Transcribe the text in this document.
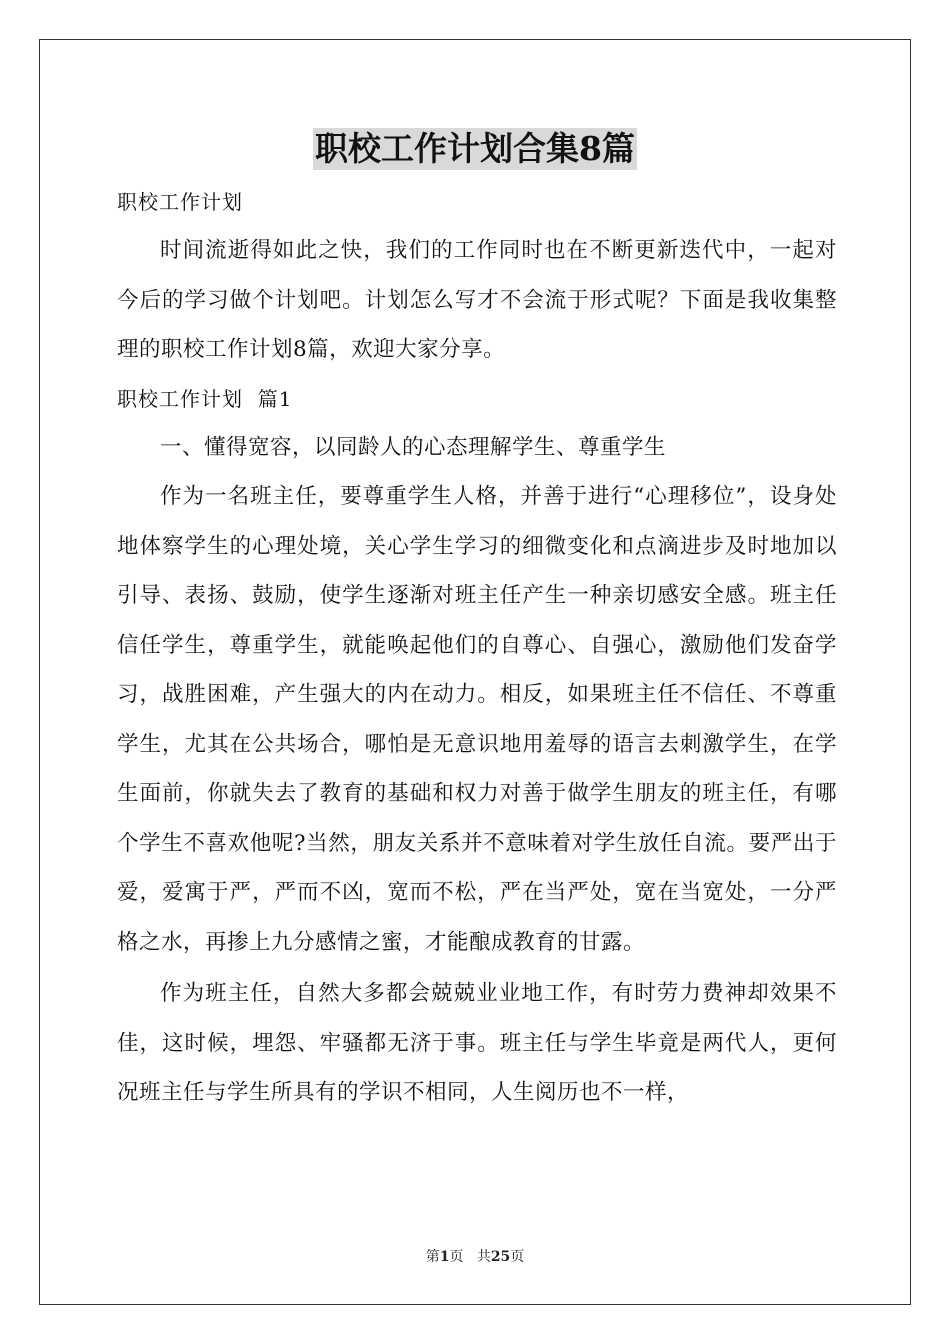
职校工作计划合集8篇

职校工作计划

时间流逝得如此之快，我们的工作同时也在不断更新迭代中，一起对今后的学习做个计划吧。计划怎么写才不会流于形式呢？下面是我收集整理的职校工作计划8篇，欢迎大家分享。

职校工作计划  篇1

一、懂得宽容，以同龄人的心态理解学生、尊重学生

作为一名班主任，要尊重学生人格，并善于进行“心理移位”，设身处地体察学生的心理处境，关心学生学习的细微变化和点滴进步及时地加以引导、表扬、鼓励，使学生逐渐对班主任产生一种亲切感安全感。班主任信任学生，尊重学生，就能唤起他们的自尊心、自强心，激励他们发奋学习，战胜困难，产生强大的内在动力。相反，如果班主任不信任、不尊重学生，尤其在公共场合，哪怕是无意识地用羞辱的语言去刺激学生，在学生面前，你就失去了教育的基础和权力对善于做学生朋友的班主任，有哪个学生不喜欢他呢?当然，朋友关系并不意味着对学生放任自流。要严出于爱，爱寓于严，严而不凶，宽而不松，严在当严处，宽在当宽处，一分严格之水，再掺上九分感情之蜜，才能酿成教育的甘露。

作为班主任，自然大多都会兢兢业业地工作，有时劳力费神却效果不佳，这时候，埋怨、牢骚都无济于事。班主任与学生毕竟是两代人，更何况班主任与学生所具有的学识不相同，人生阅历也不一样，

第1页 共25页
